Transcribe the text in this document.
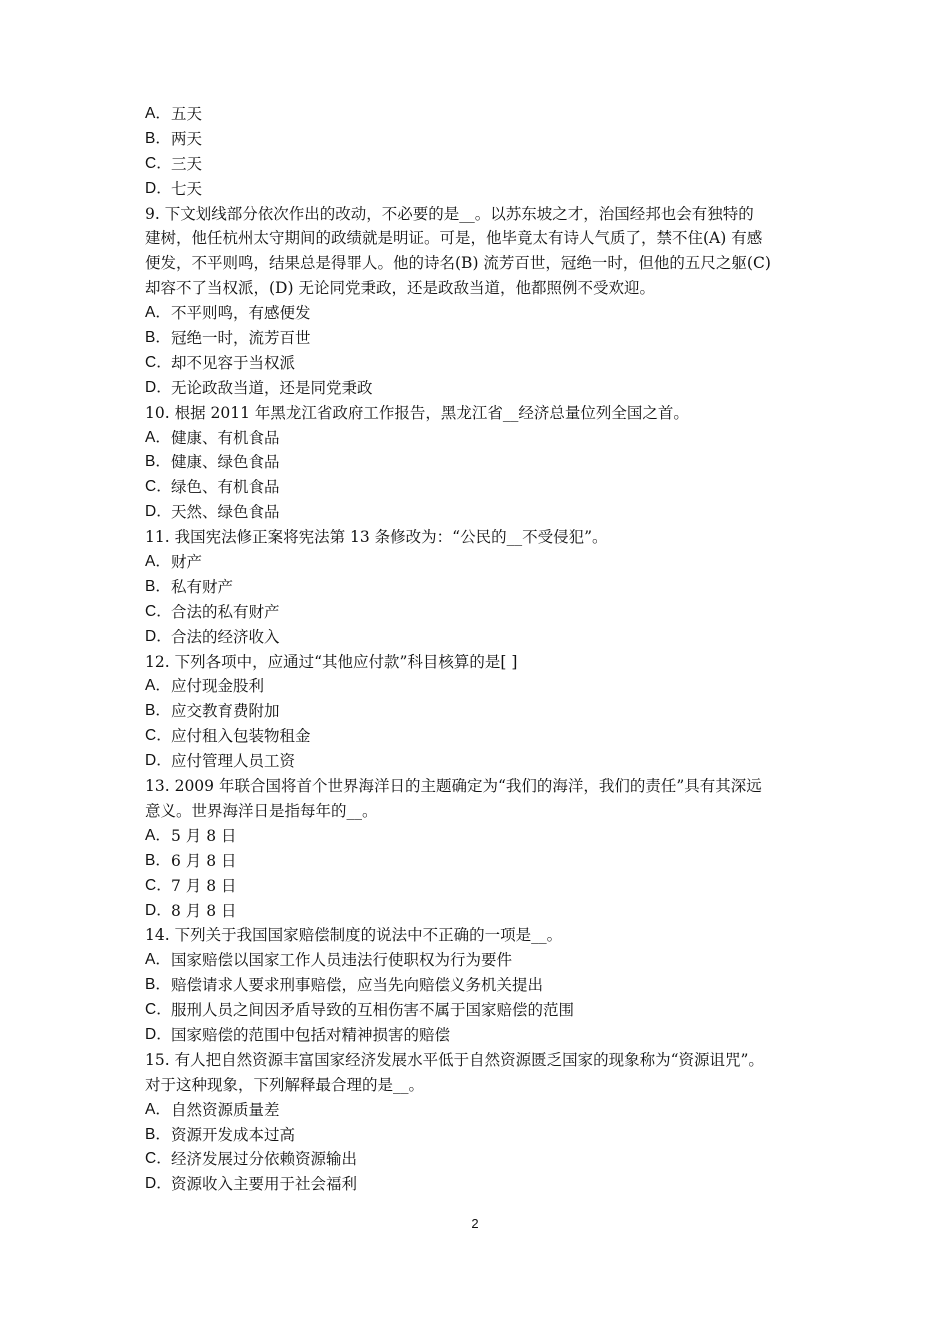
A． 五天
B． 两天
C． 三天
D． 七天
9. 下文划线部分依次作出的改动，不必要的是__。以苏东坡之才，治国经邦也会有独特的
建树，他任杭州太守期间的政绩就是明证。可是，他毕竟太有诗人气质了，禁不住(A) 有感
便发，不平则鸣，结果总是得罪人。他的诗名(B) 流芳百世，冠绝一时，但他的五尺之躯(C)
却容不了当权派，(D) 无论同党秉政，还是政敌当道，他都照例不受欢迎。
A． 不平则鸣，有感便发
B． 冠绝一时，流芳百世
C． 却不见容于当权派
D． 无论政敌当道，还是同党秉政
10. 根据 2011 年黑龙江省政府工作报告，黑龙江省__经济总量位列全国之首。
A． 健康、有机食品
B． 健康、绿色食品
C． 绿色、有机食品
D． 天然、绿色食品
11. 我国宪法修正案将宪法第 13 条修改为：“公民的__不受侵犯”。
A． 财产
B． 私有财产
C． 合法的私有财产
D． 合法的经济收入
12. 下列各项中，应通过“其他应付款”科目核算的是[ ]
A． 应付现金股利
B． 应交教育费附加
C． 应付租入包装物租金
D． 应付管理人员工资
13. 2009 年联合国将首个世界海洋日的主题确定为“我们的海洋，我们的责任”具有其深远
意义。世界海洋日是指每年的__。
A． 5 月 8 日
B． 6 月 8 日
C． 7 月 8 日
D． 8 月 8 日
14. 下列关于我国国家赔偿制度的说法中不正确的一项是__。
A． 国家赔偿以国家工作人员违法行使职权为行为要件
B． 赔偿请求人要求刑事赔偿，应当先向赔偿义务机关提出
C． 服刑人员之间因矛盾导致的互相伤害不属于国家赔偿的范围
D． 国家赔偿的范围中包括对精神损害的赔偿
15. 有人把自然资源丰富国家经济发展水平低于自然资源匮乏国家的现象称为“资源诅咒”。
对于这种现象，下列解释最合理的是__。
A． 自然资源质量差
B． 资源开发成本过高
C． 经济发展过分依赖资源输出
D． 资源收入主要用于社会福利
2
